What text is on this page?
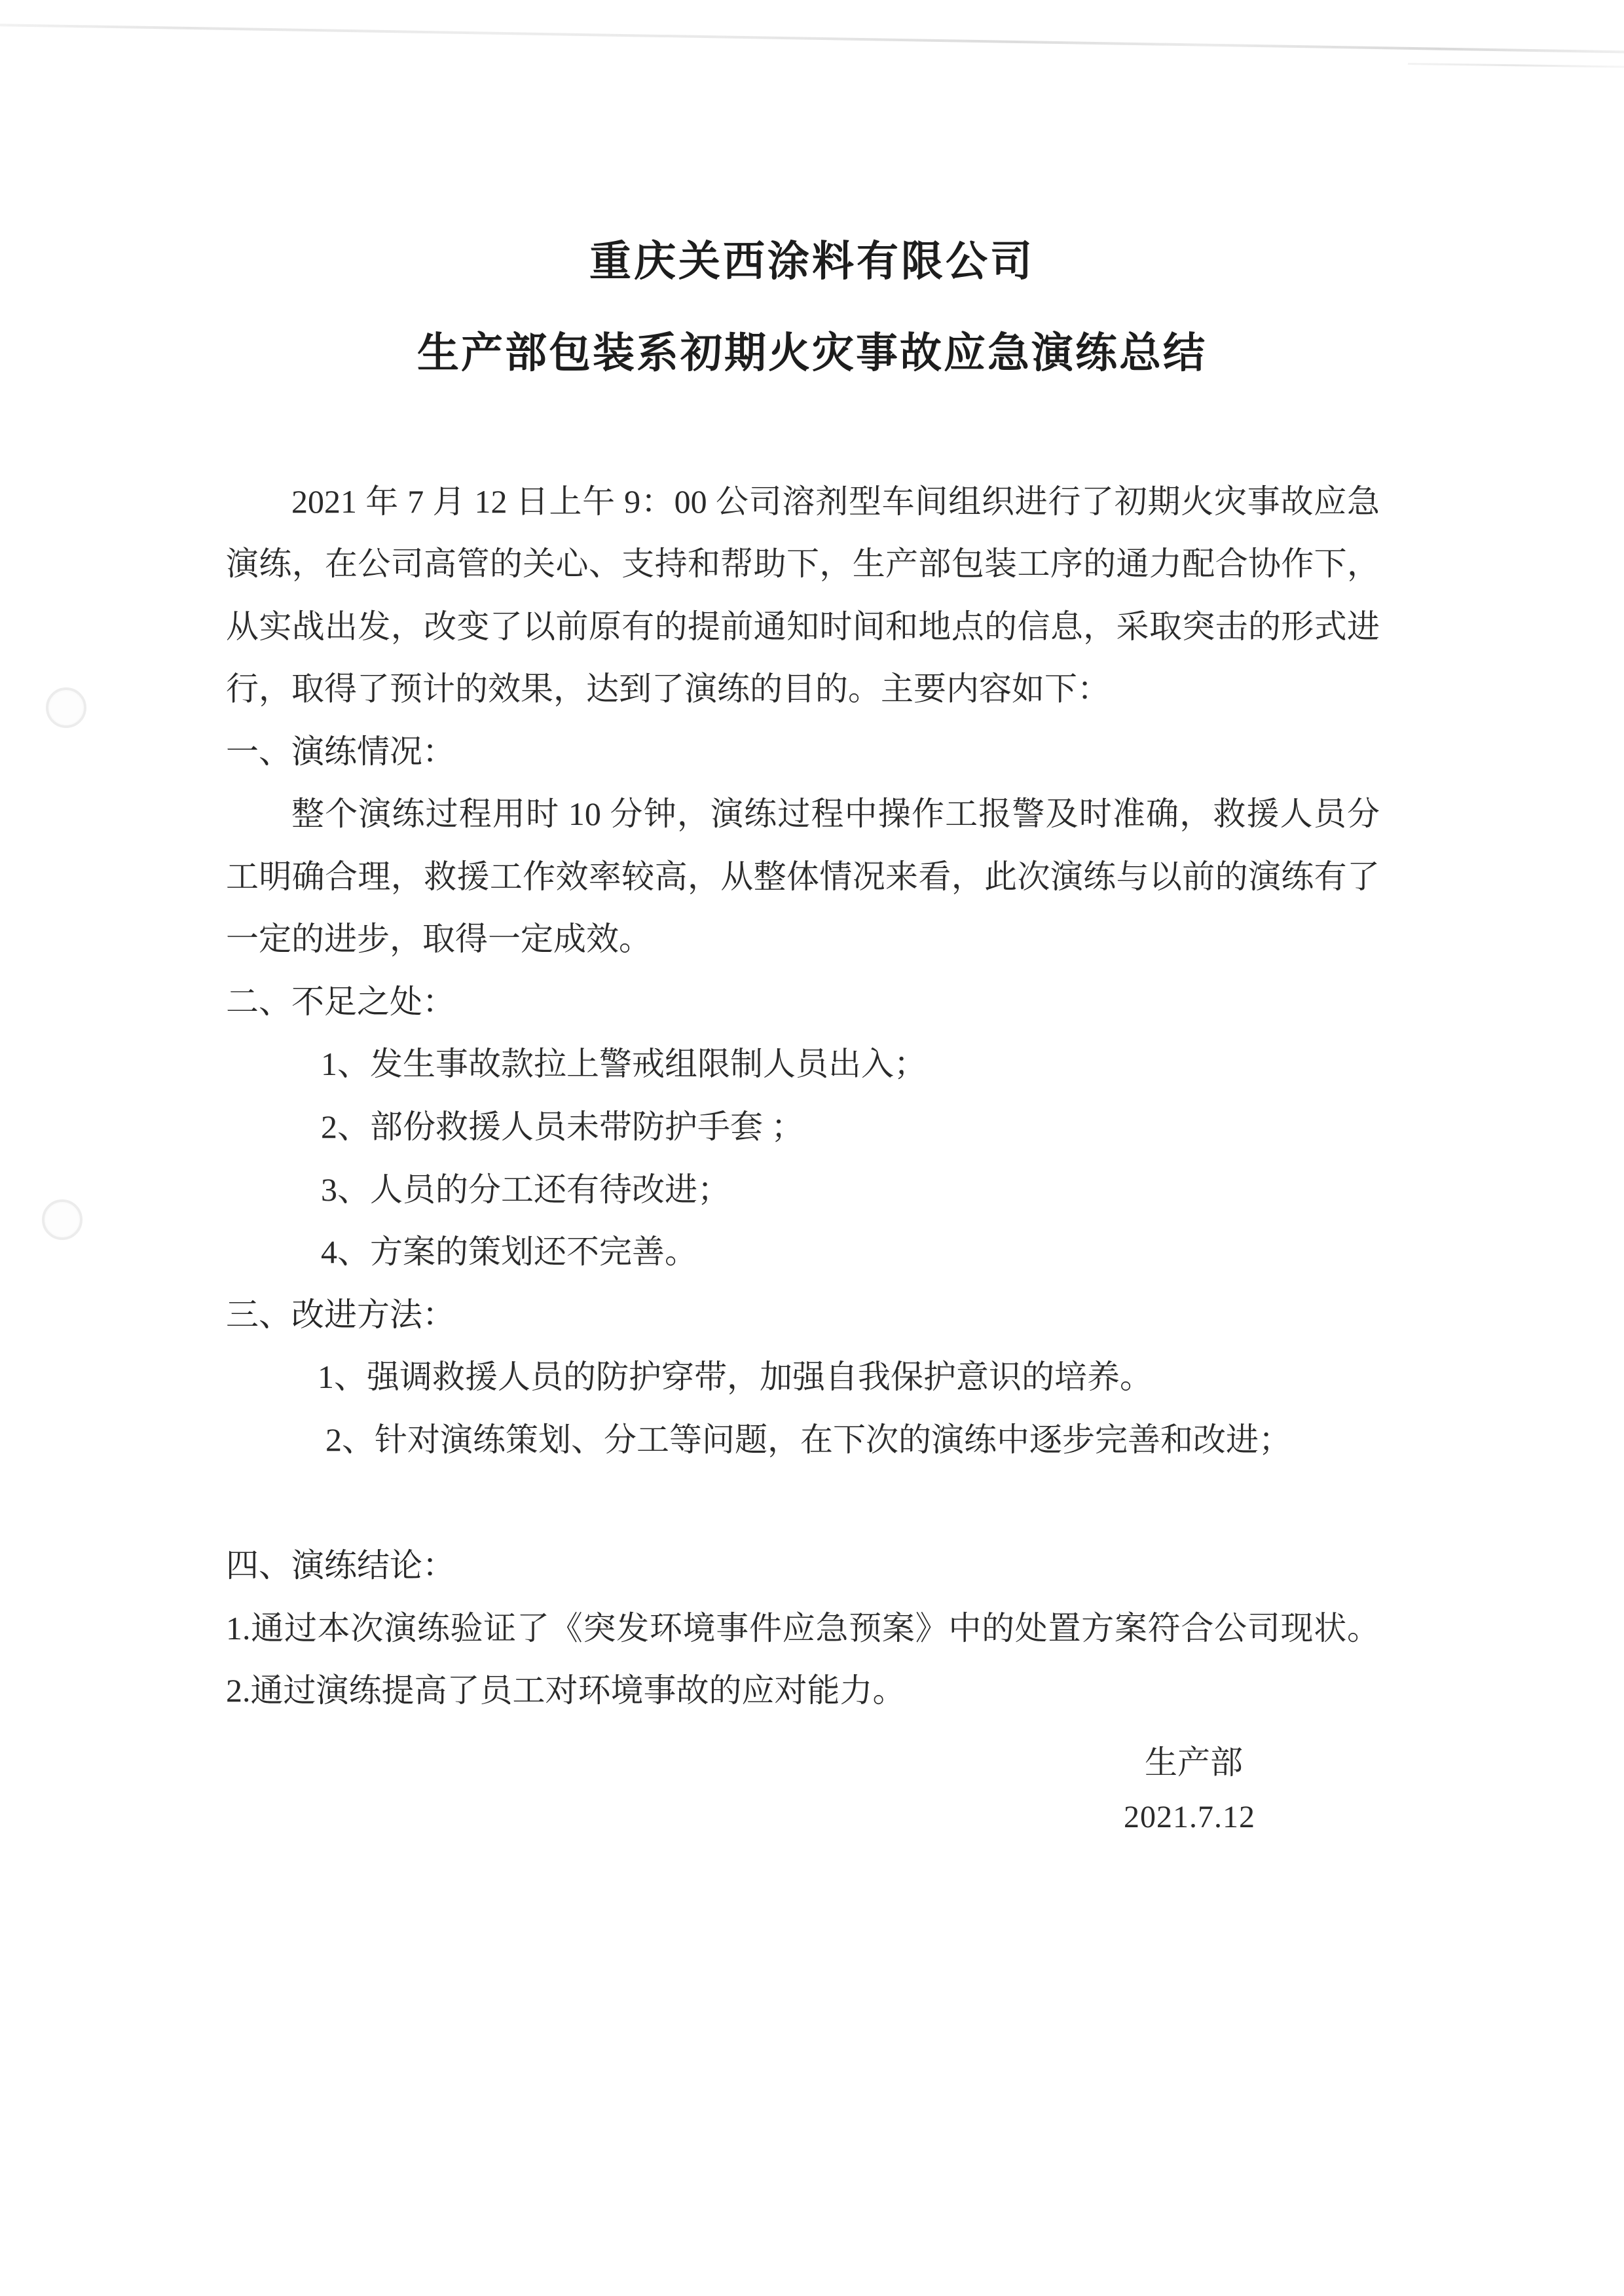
重庆关西涂料有限公司
生产部包装系初期火灾事故应急演练总结
2021 年 7 月 12 日上午 9：00 公司溶剂型车间组织进行了初期火灾事故应急
演练，在公司高管的关心、支持和帮助下，生产部包装工序的通力配合协作下，
从实战出发，改变了以前原有的提前通知时间和地点的信息，采取突击的形式进
行，取得了预计的效果，达到了演练的目的。主要内容如下：
一、演练情况：
整个演练过程用时 10 分钟，演练过程中操作工报警及时准确，救援人员分
工明确合理，救援工作效率较高，从整体情况来看，此次演练与以前的演练有了
一定的进步，取得一定成效。
二、不足之处：
1、发生事故款拉上警戒组限制人员出入；
2、部份救援人员未带防护手套 ；
3、人员的分工还有待改进；
4、方案的策划还不完善。
三、改进方法：
1、强调救援人员的防护穿带，加强自我保护意识的培养。
2、针对演练策划、分工等问题，在下次的演练中逐步完善和改进；
四、演练结论：
1.通过本次演练验证了《突发环境事件应急预案》中的处置方案符合公司现状。
2.通过演练提高了员工对环境事故的应对能力。
生产部
2021.7.12
